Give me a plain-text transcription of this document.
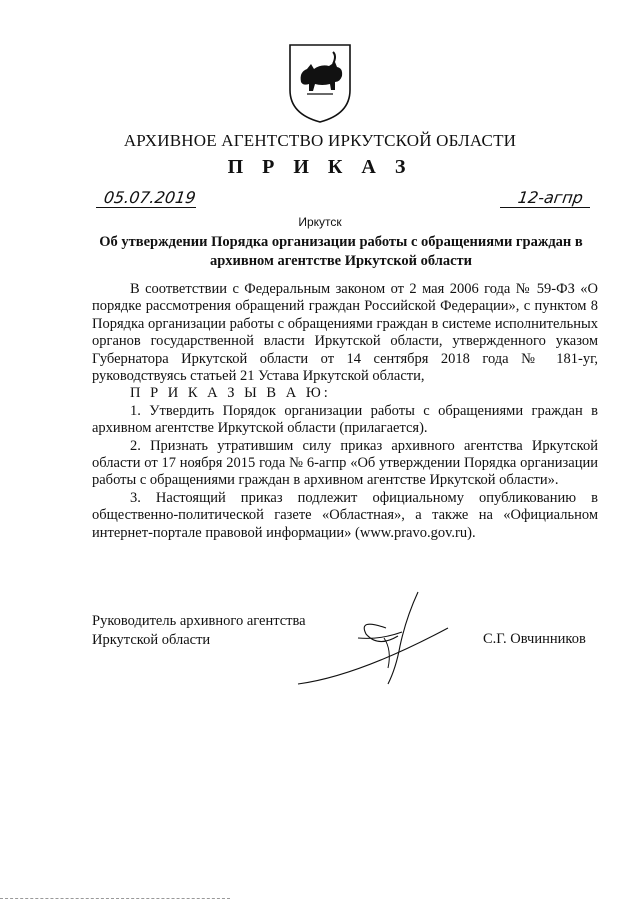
АРХИВНОЕ АГЕНТСТВО ИРКУТСКОЙ ОБЛАСТИ
П Р И К А З
05.07.2019	12-агпр
Иркутск
Об утверждении Порядка организации работы с обращениями граждан в
архивном агентстве Иркутской области

В соответствии с Федеральным законом от 2 мая 2006 года № 59-ФЗ «О порядке рассмотрения обращений граждан Российской Федерации», с пунктом 8 Порядка организации работы с обращениями граждан в системе исполнительных органов государственной власти Иркутской области, утвержденного указом Губернатора Иркутской области от 14 сентября 2018 года № 181-уг, руководствуясь статьей 21 Устава Иркутской области,

П Р И К А З Ы В А Ю:

1. Утвердить Порядок организации работы с обращениями граждан в архивном агентстве Иркутской области (прилагается).

2. Признать утратившим силу приказ архивного агентства Иркутской области от 17 ноября 2015 года № 6-агпр «Об утверждении Порядка организации работы с обращениями граждан в архивном агентстве Иркутской области».

3. Настоящий приказ подлежит официальному опубликованию в общественно-политической газете «Областная», а также на «Официальном интернет-портале правовой информации» (www.pravo.gov.ru).

Руководитель архивного агентства
Иркутской области	С.Г. Овчинников
